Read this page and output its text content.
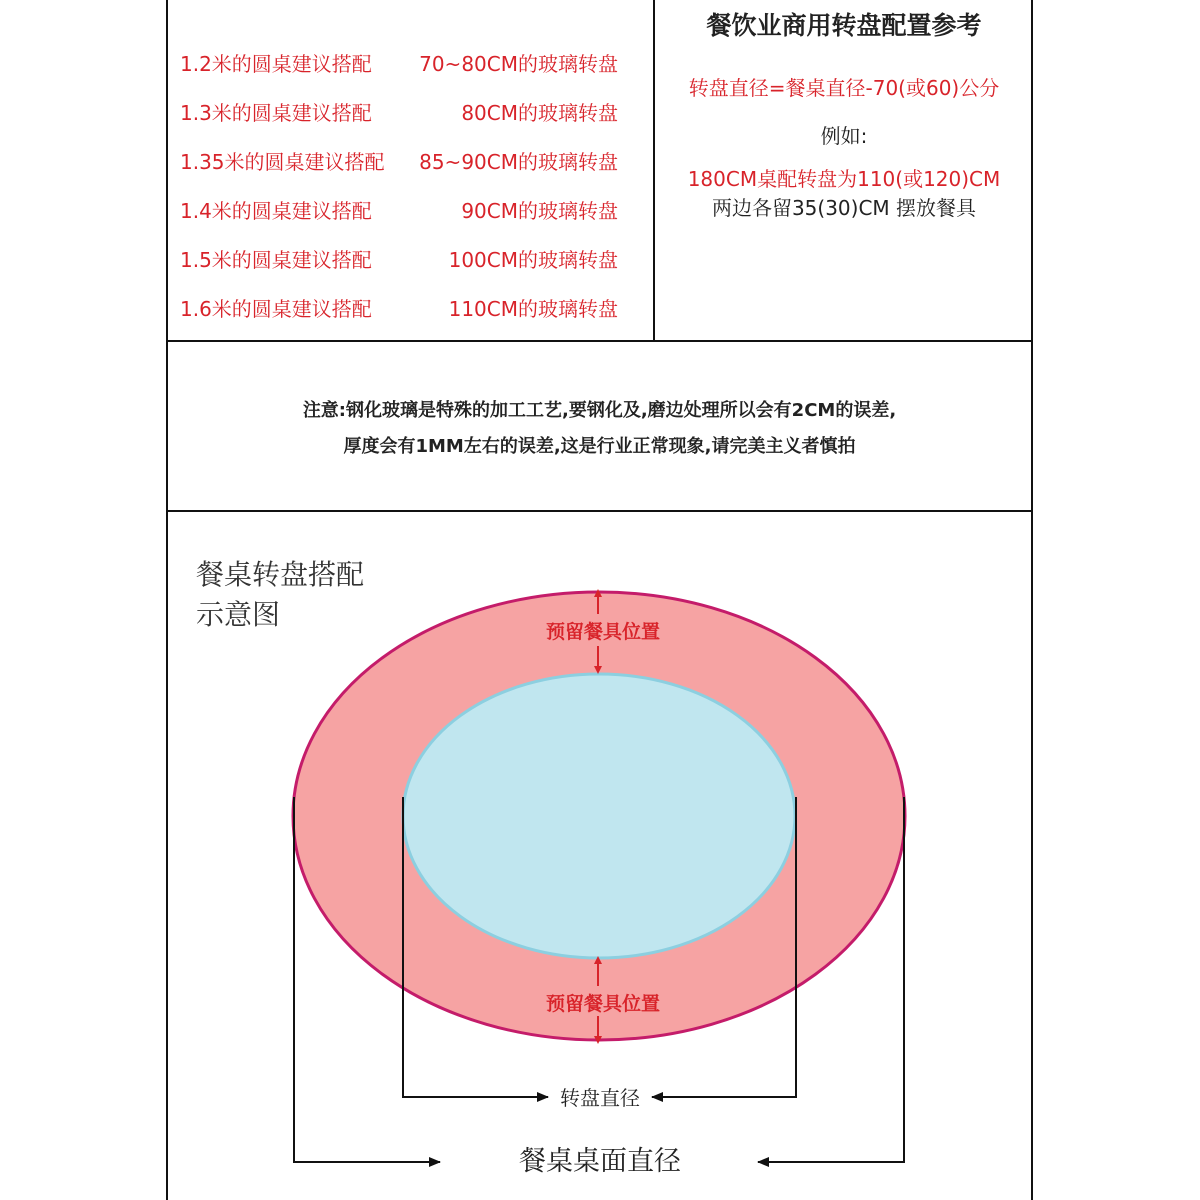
1.2米的圆桌建议搭配 70~80CM的玻璃转盘
1.3米的圆桌建议搭配	80CM的玻璃转盘
1.35米的圆桌建议搭配 85~90CM的玻璃转盘
1.4米的圆桌建议搭配	90CM的玻璃转盘
1.5米的圆桌建议搭配	100CM的玻璃转盘
1.6米的圆桌建议搭配	110CM的玻璃转盘
餐饮业商用转盘配置参考
转盘直径=餐桌直径-70(或60)公分
例如:
180CM桌配转盘为110(或120)CM
两边各留35(30)CM 摆放餐具
注意:钢化玻璃是特殊的加工工艺,要钢化及,磨边处理所以会有2CM的误差,
厚度会有1MM左右的误差,这是行业正常现象,请完美主义者慎拍
餐桌转盘搭配
示意图
预留餐具位置
预留餐具位置
转盘直径
餐桌桌面直径
